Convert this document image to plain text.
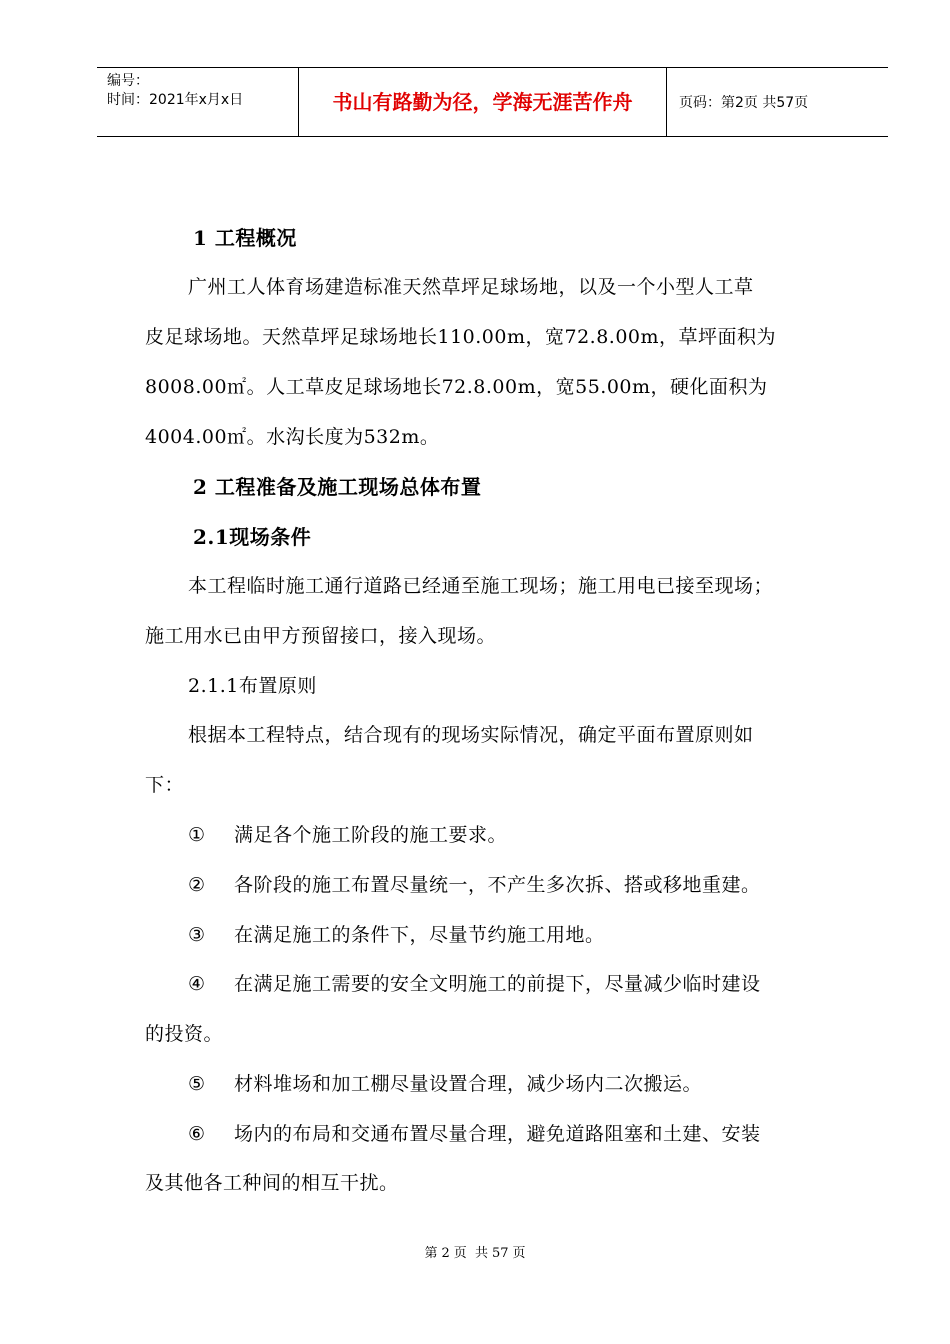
编号：
时间：2021年x月x日	书山有路勤为径，学海无涯苦作舟	页码：第2页 共57页
1 工程概况
广州工人体育场建造标准天然草坪足球场地，以及一个小型人工草
皮足球场地。天然草坪足球场地长110.00m，宽72.8.00m，草坪面积为
8008.00㎡。人工草皮足球场地长72.8.00m，宽55.00m，硬化面积为
4004.00㎡。水沟长度为532m。
2 工程准备及施工现场总体布置
2.1现场条件
本工程临时施工通行道路已经通至施工现场；施工用电已接至现场；
施工用水已由甲方预留接口，接入现场。
2.1.1布置原则
根据本工程特点，结合现有的现场实际情况，确定平面布置原则如
下：
① 满足各个施工阶段的施工要求。
② 各阶段的施工布置尽量统一，不产生多次拆、搭或移地重建。
③ 在满足施工的条件下，尽量节约施工用地。
④ 在满足施工需要的安全文明施工的前提下，尽量减少临时建设
的投资。
⑤ 材料堆场和加工棚尽量设置合理，减少场内二次搬运。
⑥ 场内的布局和交通布置尽量合理，避免道路阻塞和土建、安装
及其他各工种间的相互干扰。
第 2 页 共 57 页
